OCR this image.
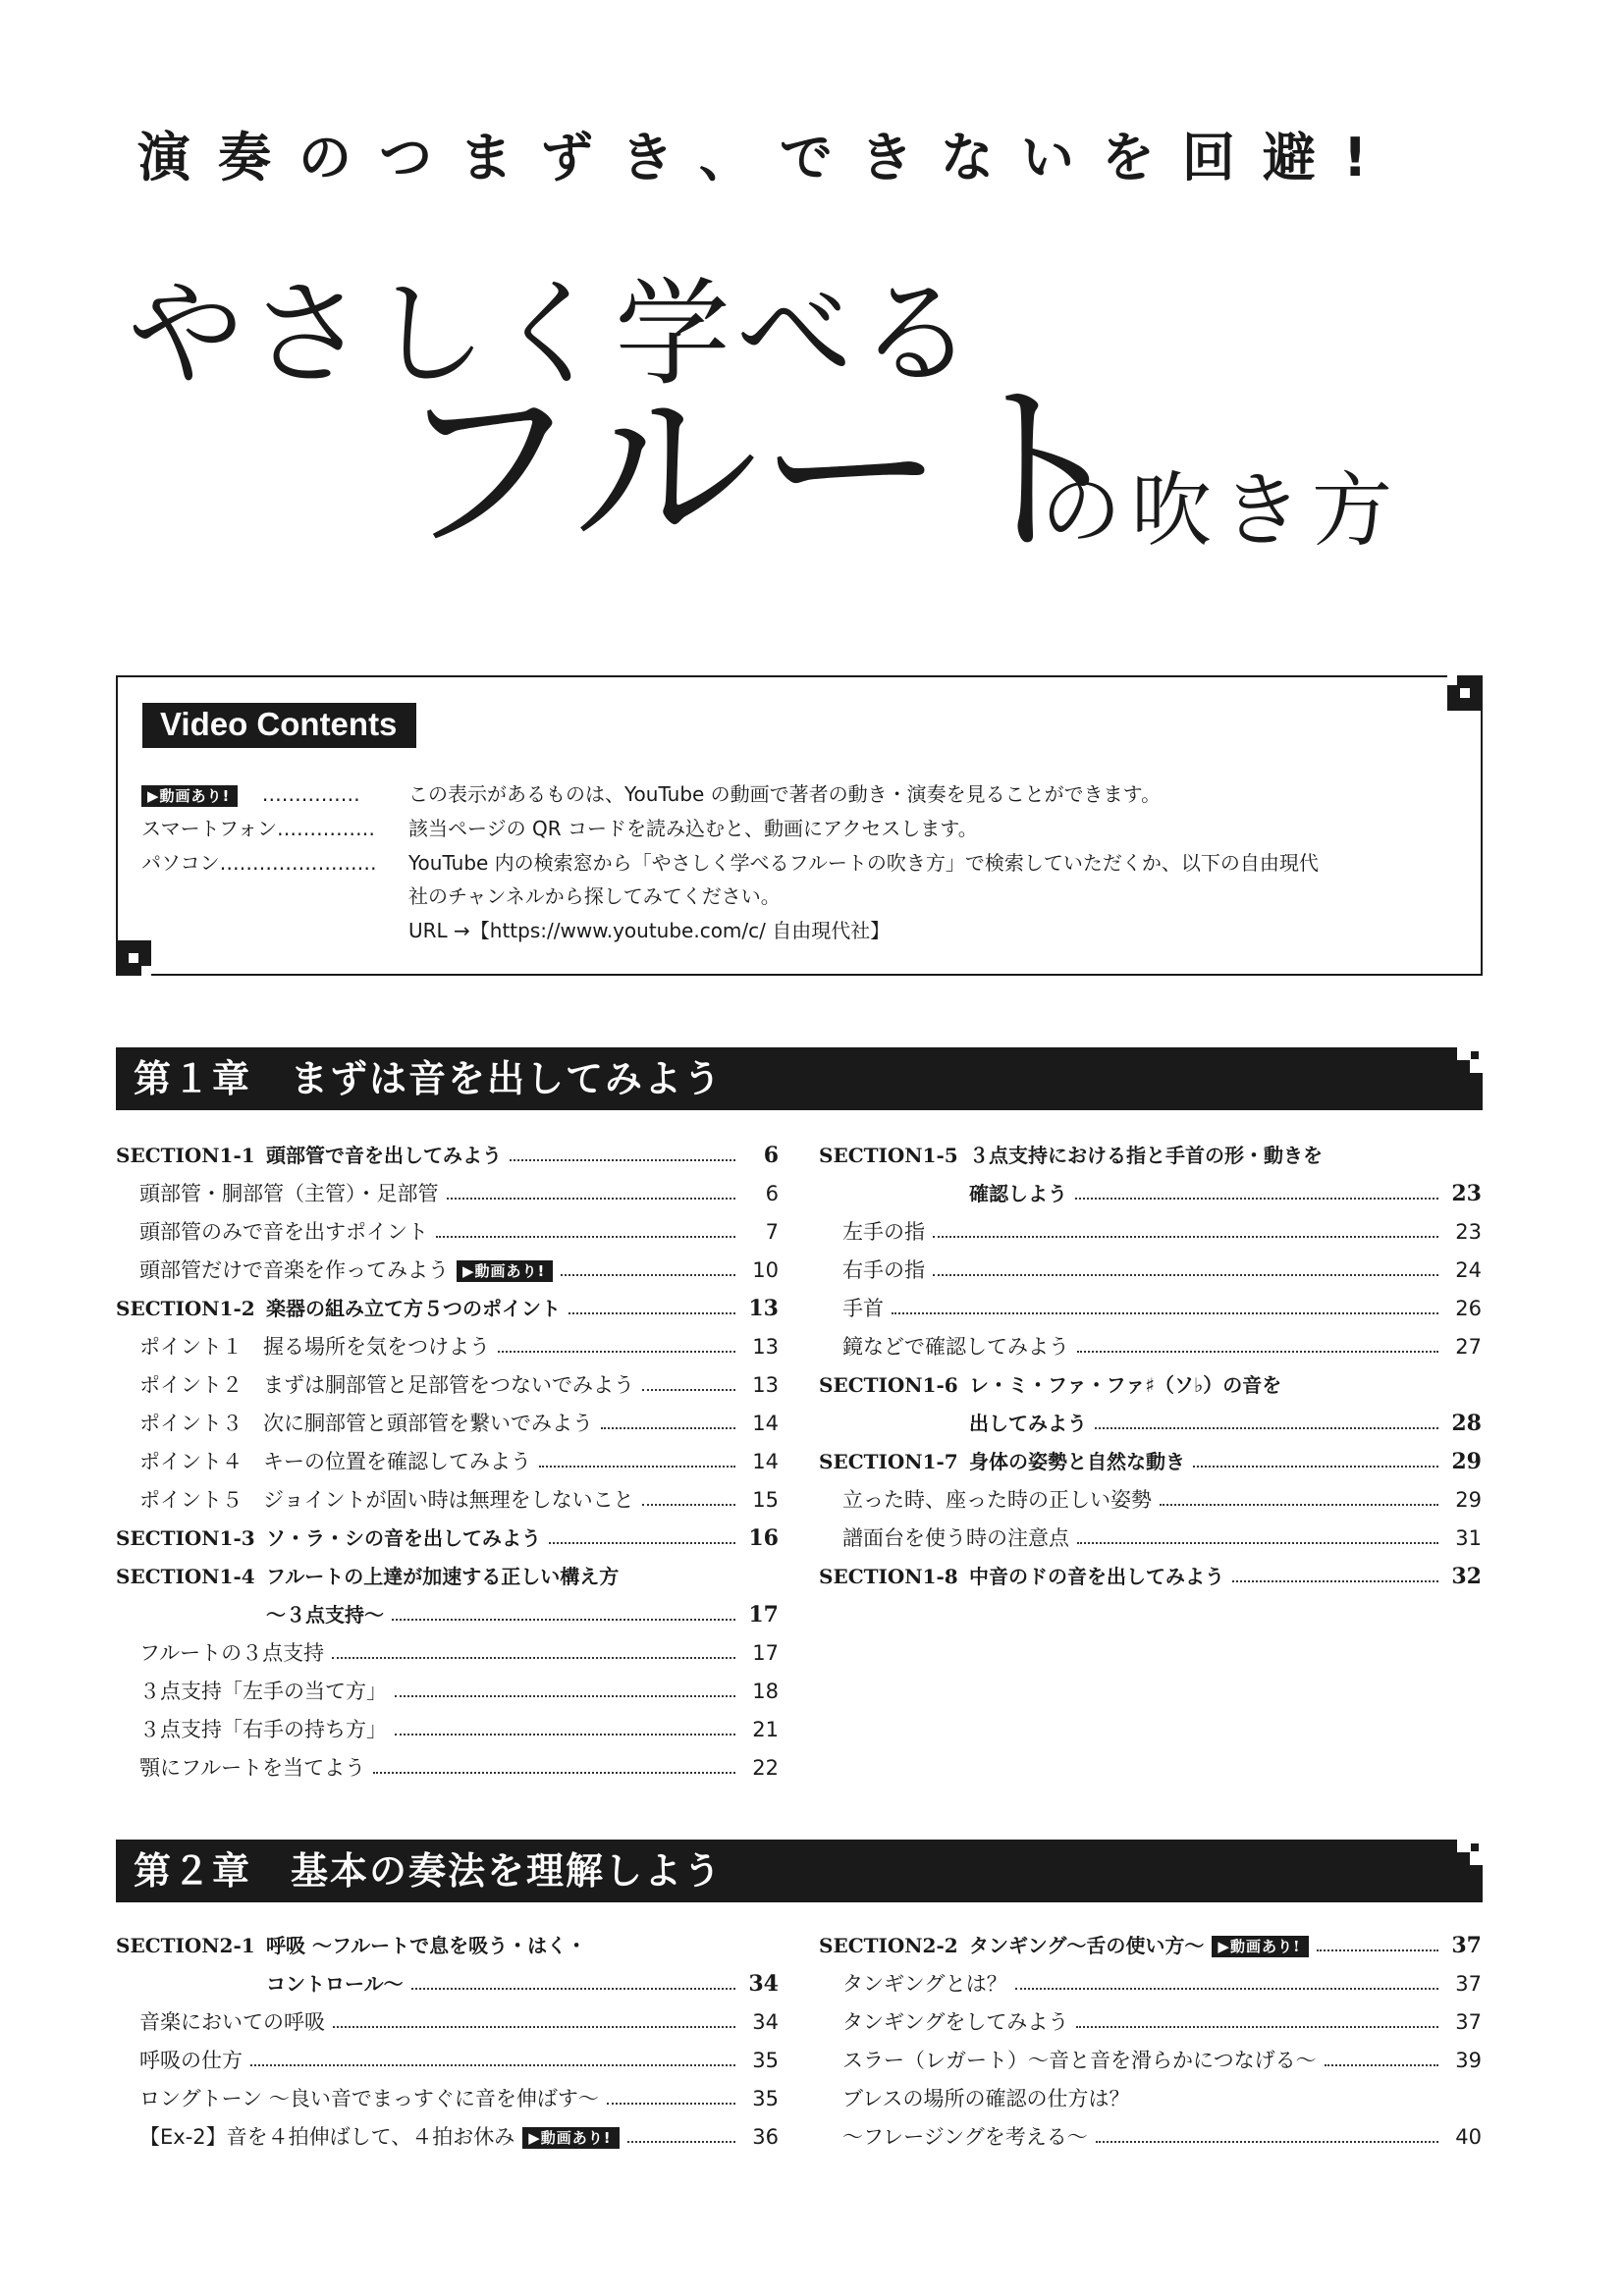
演奏のつまずき、できないを回避!
やさしく学べる
フルート
の吹き方
Video Contents
▶動画あり! …………… この表示があるものは、YouTube の動画で著者の動き・演奏を見ることができます。
スマートフォン……………	該当ページの QR コードを読み込むと、動画にアクセスします。
パソコン……………………	YouTube 内の検索窓から「やさしく学べるフルートの吹き方」で検索していただくか、以下の自由現代
社のチャンネルから探してみてください。
URL →【https://www.youtube.com/c/ 自由現代社】
第１章　まずは音を出してみよう
SECTION1-1 頭部管で音を出してみよう	6
頭部管・胴部管（主管）・足部管	6
頭部管のみで音を出すポイント	7
頭部管だけで音楽を作ってみよう ▶動画あり!	10
SECTION1-2 楽器の組み立て方５つのポイント	13
ポイント１　握る場所を気をつけよう	13
ポイント２　まずは胴部管と足部管をつないでみよう	13
ポイント３　次に胴部管と頭部管を繋いでみよう	14
ポイント４　キーの位置を確認してみよう	14
ポイント５　ジョイントが固い時は無理をしないこと	15
SECTION1-3 ソ・ラ・シの音を出してみよう	16
SECTION1-4 フルートの上達が加速する正しい構え方
〜３点支持〜	17
フルートの３点支持	17
３点支持「左手の当て方」	18
３点支持「右手の持ち方」	21
顎にフルートを当てよう	22
SECTION1-5 ３点支持における指と手首の形・動きを
確認しよう	23
左手の指	23
右手の指	24
手首	26
鏡などで確認してみよう	27
SECTION1-6 レ・ミ・ファ・ファ♯（ソ♭）の音を
出してみよう	28
SECTION1-7 身体の姿勢と自然な動き	29
立った時、座った時の正しい姿勢	29
譜面台を使う時の注意点	31
SECTION1-8 中音のドの音を出してみよう	32
第２章　基本の奏法を理解しよう
SECTION2-1 呼吸 〜フルートで息を吸う・はく・
コントロール〜	34
音楽においての呼吸	34
呼吸の仕方	35
ロングトーン 〜良い音でまっすぐに音を伸ばす〜	35
【Ex-2】音を４拍伸ばして、４拍お休み ▶動画あり!	36
SECTION2-2 タンギング〜舌の使い方〜 ▶動画あり!	37
タンギングとは？	37
タンギングをしてみよう	37
スラー（レガート）〜音と音を滑らかにつなげる〜	39
ブレスの場所の確認の仕方は？
〜フレージングを考える〜	40
